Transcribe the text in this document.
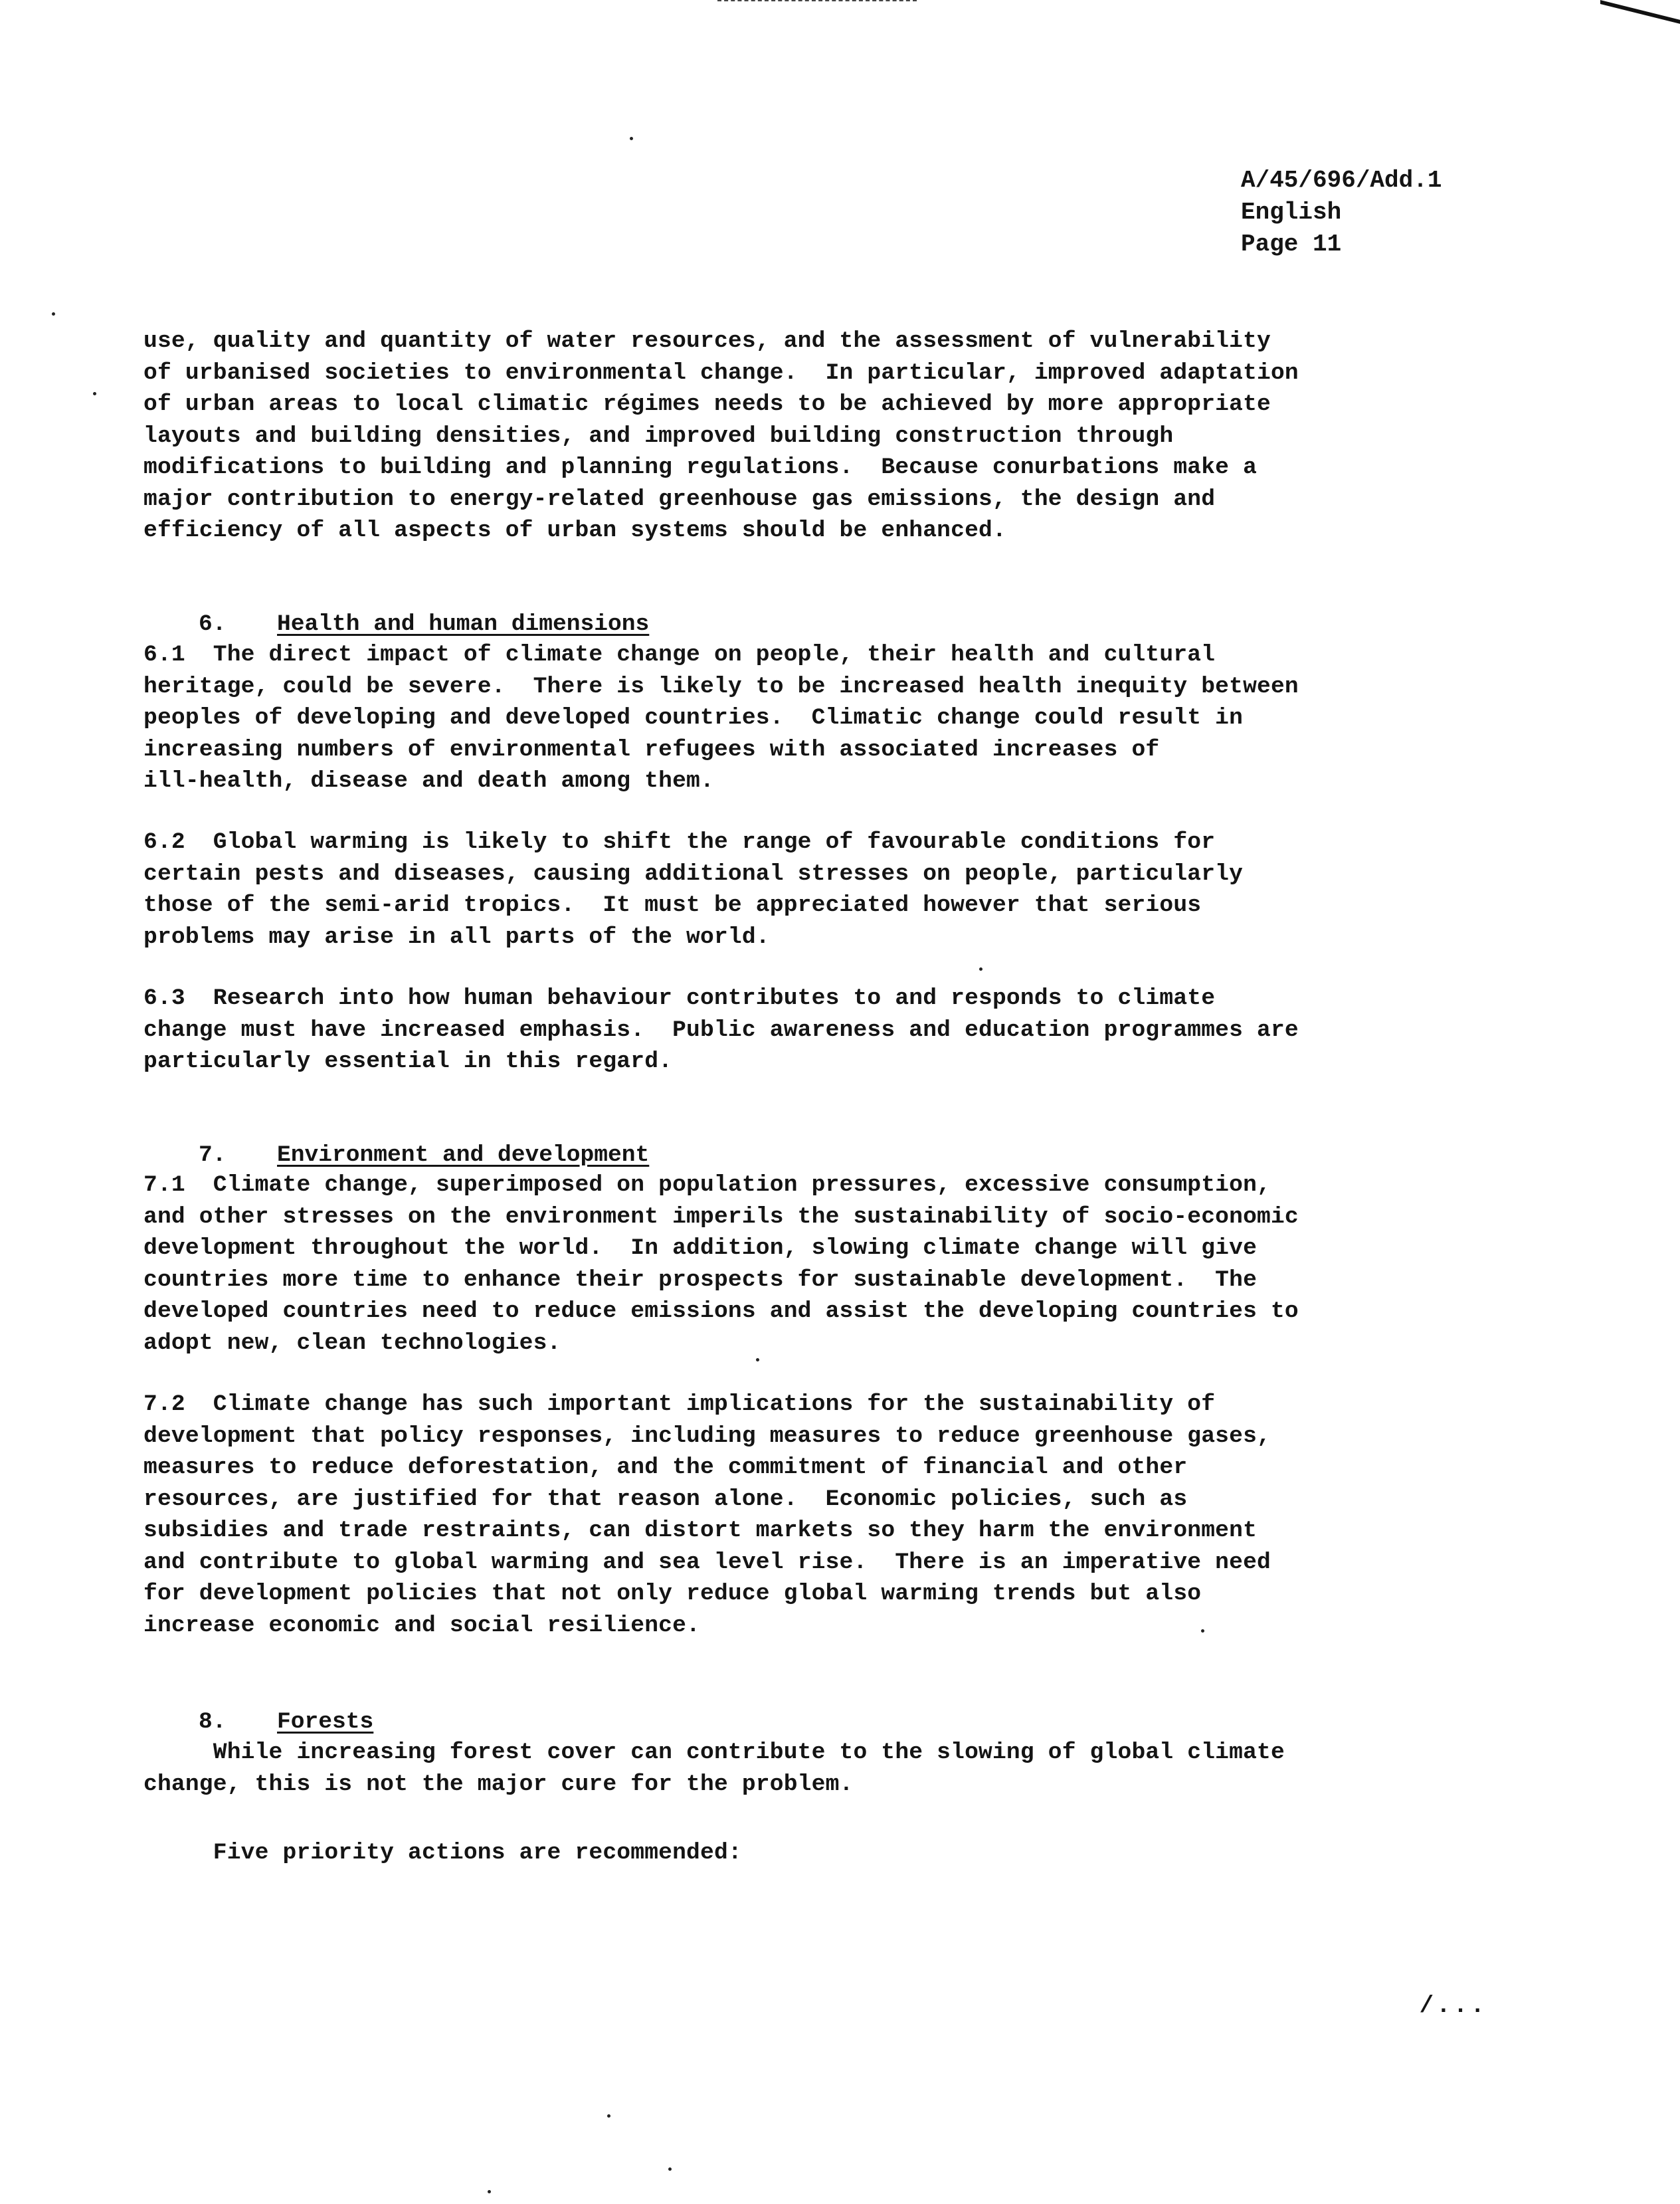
A/45/696/Add.1
English
Page 11
use, quality and quantity of water resources, and the assessment of vulnerability
of urbanised societies to environmental change.  In particular, improved adaptation
of urban areas to local climatic régimes needs to be achieved by more appropriate
layouts and building densities, and improved building construction through
modifications to building and planning regulations.  Because conurbations make a
major contribution to energy-related greenhouse gas emissions, the design and
efficiency of all aspects of urban systems should be enhanced.

6. Health and human dimensions

6.1  The direct impact of climate change on people, their health and cultural
heritage, could be severe.  There is likely to be increased health inequity between
peoples of developing and developed countries.  Climatic change could result in
increasing numbers of environmental refugees with associated increases of
ill-health, disease and death among them.
6.2  Global warming is likely to shift the range of favourable conditions for
certain pests and diseases, causing additional stresses on people, particularly
those of the semi-arid tropics.  It must be appreciated however that serious
problems may arise in all parts of the world.
6.3  Research into how human behaviour contributes to and responds to climate
change must have increased emphasis.  Public awareness and education programmes are
particularly essential in this regard.

7. Environment and development

7.1  Climate change, superimposed on population pressures, excessive consumption,
and other stresses on the environment imperils the sustainability of socio-economic
development throughout the world.  In addition, slowing climate change will give
countries more time to enhance their prospects for sustainable development.  The
developed countries need to reduce emissions and assist the developing countries to
adopt new, clean technologies.
7.2  Climate change has such important implications for the sustainability of
development that policy responses, including measures to reduce greenhouse gases,
measures to reduce deforestation, and the commitment of financial and other
resources, are justified for that reason alone.  Economic policies, such as
subsidies and trade restraints, can distort markets so they harm the environment
and contribute to global warming and sea level rise.  There is an imperative need
for development policies that not only reduce global warming trends but also
increase economic and social resilience.

8. Forests

While increasing forest cover can contribute to the slowing of global climate
change, this is not the major cure for the problem.
Five priority actions are recommended:
/...
